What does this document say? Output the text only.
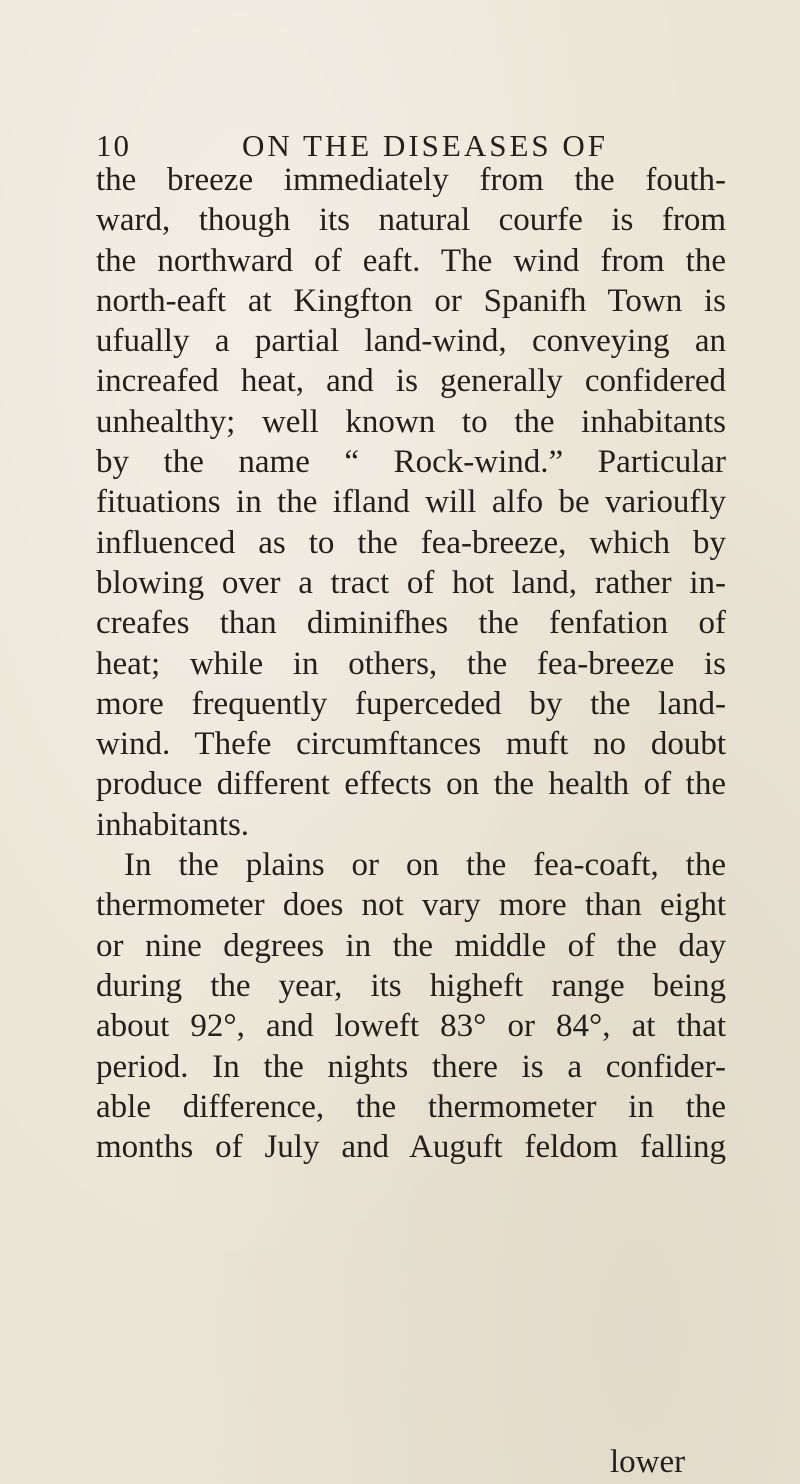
10	ON THE DISEASES OF
the breeze immediately from the fouth-
ward, though its natural courfe is from
the northward of eaft. The wind from the
north-eaft at Kingfton or Spanifh Town is
ufually a partial land-wind, conveying an
increafed heat, and is generally confidered
unhealthy; well known to the inhabitants
by the name “ Rock-wind.” Particular
fituations in the ifland will alfo be varioufly
influenced as to the fea-breeze, which by
blowing over a tract of hot land, rather in-
creafes than diminifhes the fenfation of
heat; while in others, the fea-breeze is
more frequently fuperceded by the land-
wind. Thefe circumftances muft no doubt
produce different effects on the health of the
inhabitants.
In the plains or on the fea-coaft, the
thermometer does not vary more than eight
or nine degrees in the middle of the day
during the year, its higheft range being
about 92°, and loweft 83° or 84°, at that
period. In the nights there is a confider-
able difference, the thermometer in the
months of July and Auguft feldom falling
lower
